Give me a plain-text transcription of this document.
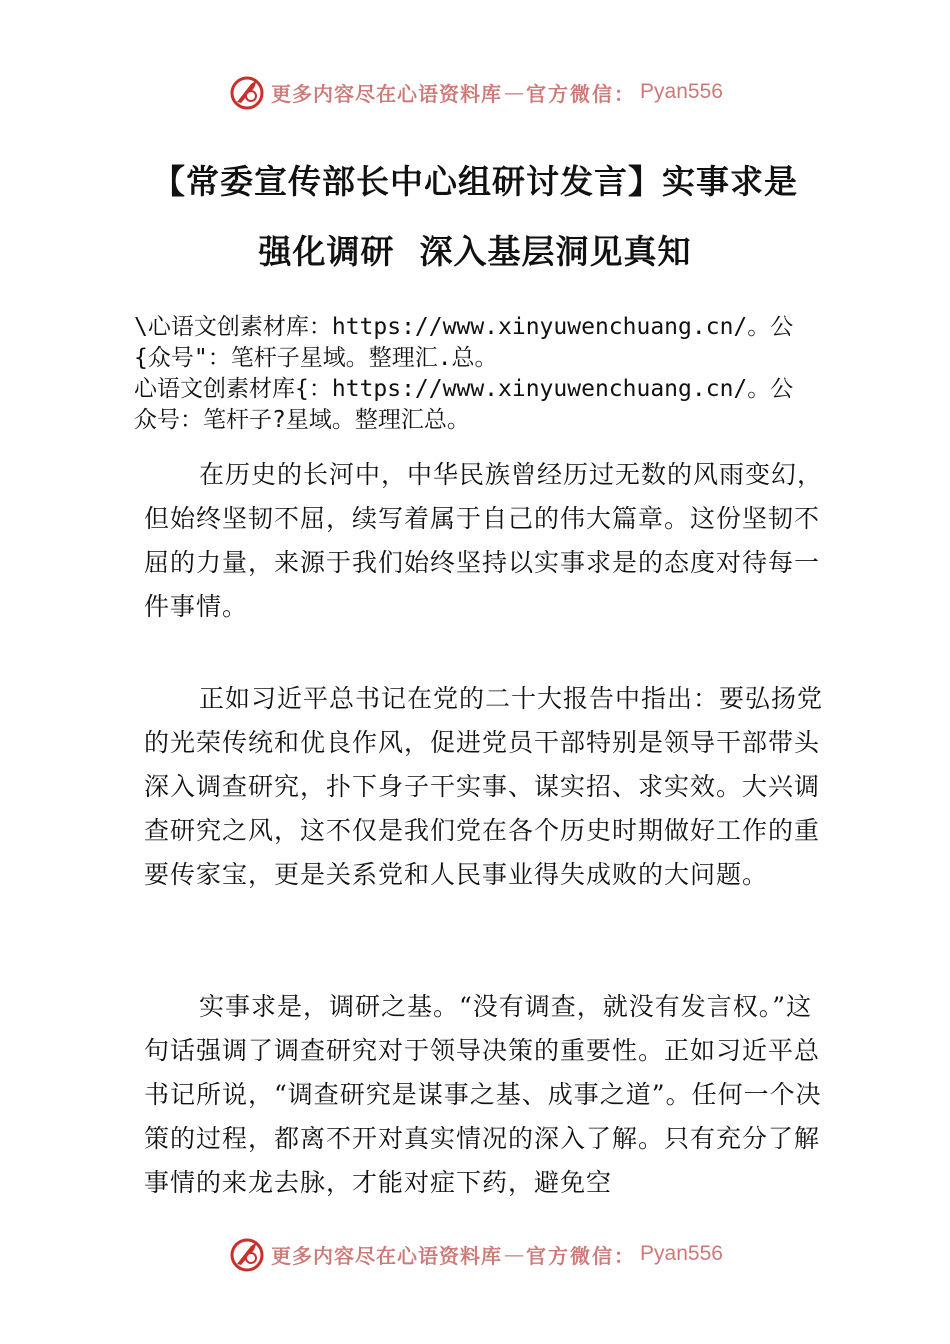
更多内容尽在心语资料库 — 官方微信： Pyan556
【常委宣传部长中心组研讨发言】实事求是
强化调研  深入基层洞见真知
\心语文创素材库：https://www.xinyuwenchuang.cn/。公
{众号"：笔杆子星域。整理汇.总。
心语文创素材库{：https://www.xinyuwenchuang.cn/。公
众号：笔杆子?星域。整理汇总。
在历史的长河中，中华民族曾经历过无数的风雨变幻，但始终坚韧不屈，续写着属于自己的伟大篇章。这份坚韧不屈的力量，来源于我们始终坚持以实事求是的态度对待每一件事情。
正如习近平总书记在党的二十大报告中指出：要弘扬党的光荣传统和优良作风，促进党员干部特别是领导干部带头深入调查研究，扑下身子干实事、谋实招、求实效。大兴调查研究之风，这不仅是我们党在各个历史时期做好工作的重要传家宝，更是关系党和人民事业得失成败的大问题。
实事求是，调研之基。“没有调查，就没有发言权。”这句话强调了调查研究对于领导决策的重要性。正如习近平总书记所说，“调查研究是谋事之基、成事之道”。任何一个决策的过程，都离不开对真实情况的深入了解。只有充分了解事情的来龙去脉，才能对症下药，避免空
更多内容尽在心语资料库 — 官方微信： Pyan556
